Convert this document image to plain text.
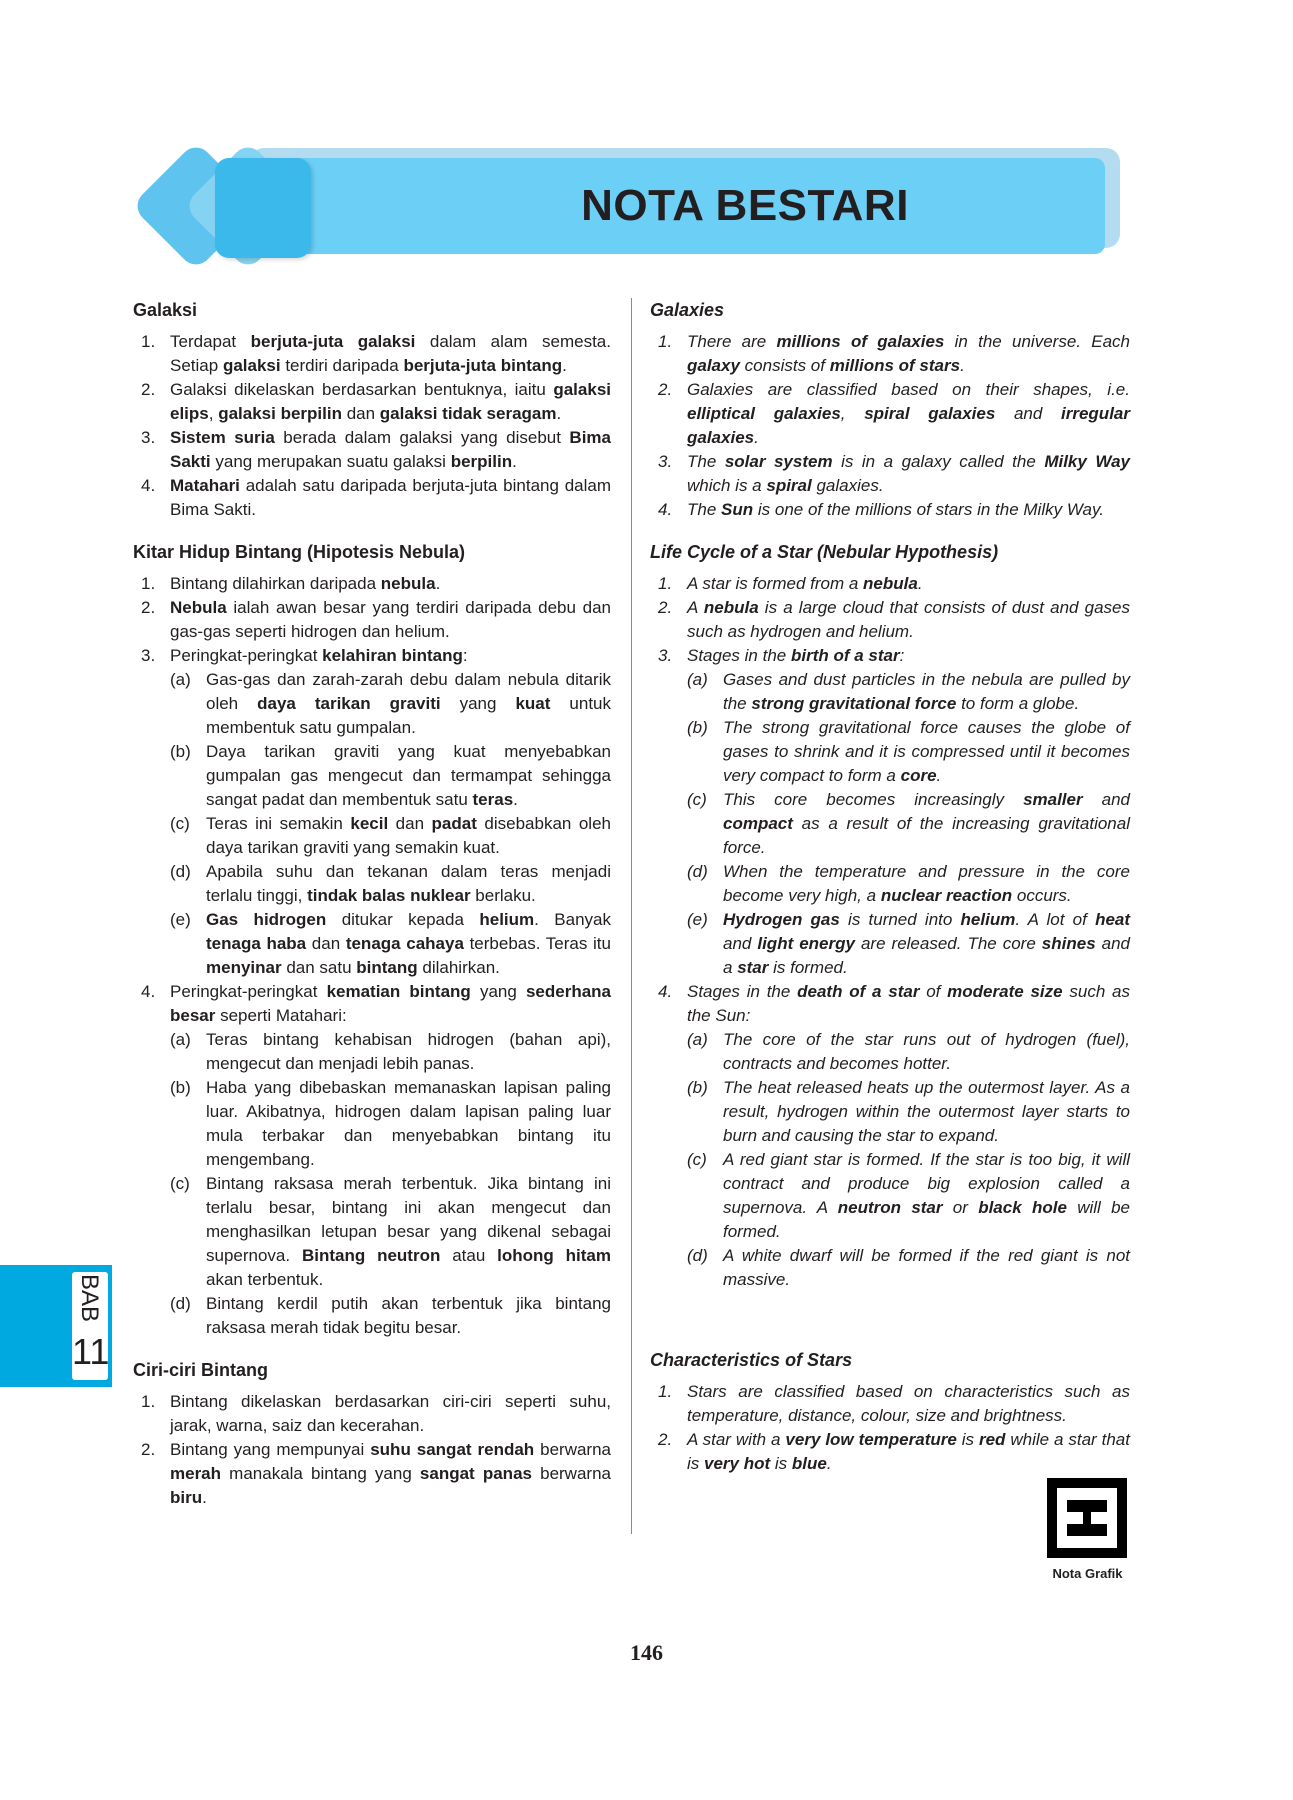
NOTA BESTARI
Galaksi
1. Terdapat berjuta-juta galaksi dalam alam semesta. Setiap galaksi terdiri daripada berjuta-juta bintang.
2. Galaksi dikelaskan berdasarkan bentuknya, iaitu galaksi elips, galaksi berpilin dan galaksi tidak seragam.
3. Sistem suria berada dalam galaksi yang disebut Bima Sakti yang merupakan suatu galaksi berpilin.
4. Matahari adalah satu daripada berjuta-juta bintang dalam Bima Sakti.
Kitar Hidup Bintang (Hipotesis Nebula)
1. Bintang dilahirkan daripada nebula.
2. Nebula ialah awan besar yang terdiri daripada debu dan gas-gas seperti hidrogen dan helium.
3. Peringkat-peringkat kelahiran bintang:
(a) Gas-gas dan zarah-zarah debu dalam nebula ditarik oleh daya tarikan graviti yang kuat untuk membentuk satu gumpalan.
(b) Daya tarikan graviti yang kuat menyebabkan gumpalan gas mengecut dan termampat sehingga sangat padat dan membentuk satu teras.
(c) Teras ini semakin kecil dan padat disebabkan oleh daya tarikan graviti yang semakin kuat.
(d) Apabila suhu dan tekanan dalam teras menjadi terlalu tinggi, tindak balas nuklear berlaku.
(e) Gas hidrogen ditukar kepada helium. Banyak tenaga haba dan tenaga cahaya terbebas. Teras itu menyinar dan satu bintang dilahirkan.
4. Peringkat-peringkat kematian bintang yang sederhana besar seperti Matahari:
(a) Teras bintang kehabisan hidrogen (bahan api), mengecut dan menjadi lebih panas.
(b) Haba yang dibebaskan memanaskan lapisan paling luar. Akibatnya, hidrogen dalam lapisan paling luar mula terbakar dan menyebabkan bintang itu mengembang.
(c) Bintang raksasa merah terbentuk. Jika bintang ini terlalu besar, bintang ini akan mengecut dan menghasilkan letupan besar yang dikenal sebagai supernova. Bintang neutron atau lohong hitam akan terbentuk.
(d) Bintang kerdil putih akan terbentuk jika bintang raksasa merah tidak begitu besar.
Ciri-ciri Bintang
1. Bintang dikelaskan berdasarkan ciri-ciri seperti suhu, jarak, warna, saiz dan kecerahan.
2. Bintang yang mempunyai suhu sangat rendah berwarna merah manakala bintang yang sangat panas berwarna biru.
Galaxies
1. There are millions of galaxies in the universe. Each galaxy consists of millions of stars.
2. Galaxies are classified based on their shapes, i.e. elliptical galaxies, spiral galaxies and irregular galaxies.
3. The solar system is in a galaxy called the Milky Way which is a spiral galaxies.
4. The Sun is one of the millions of stars in the Milky Way.
Life Cycle of a Star (Nebular Hypothesis)
1. A star is formed from a nebula.
2. A nebula is a large cloud that consists of dust and gases such as hydrogen and helium.
3. Stages in the birth of a star:
(a) Gases and dust particles in the nebula are pulled by the strong gravitational force to form a globe.
(b) The strong gravitational force causes the globe of gases to shrink and it is compressed until it becomes very compact to form a core.
(c) This core becomes increasingly smaller and compact as a result of the increasing gravitational force.
(d) When the temperature and pressure in the core become very high, a nuclear reaction occurs.
(e) Hydrogen gas is turned into helium. A lot of heat and light energy are released. The core shines and a star is formed.
4. Stages in the death of a star of moderate size such as the Sun:
(a) The core of the star runs out of hydrogen (fuel), contracts and becomes hotter.
(b) The heat released heats up the outermost layer. As a result, hydrogen within the outermost layer starts to burn and causing the star to expand.
(c) A red giant star is formed. If the star is too big, it will contract and produce big explosion called a supernova. A neutron star or black hole will be formed.
(d) A white dwarf will be formed if the red giant is not massive.
Characteristics of Stars
1. Stars are classified based on characteristics such as temperature, distance, colour, size and brightness.
2. A star with a very low temperature is red while a star that is very hot is blue.
BAB
11
Nota Grafik
146
